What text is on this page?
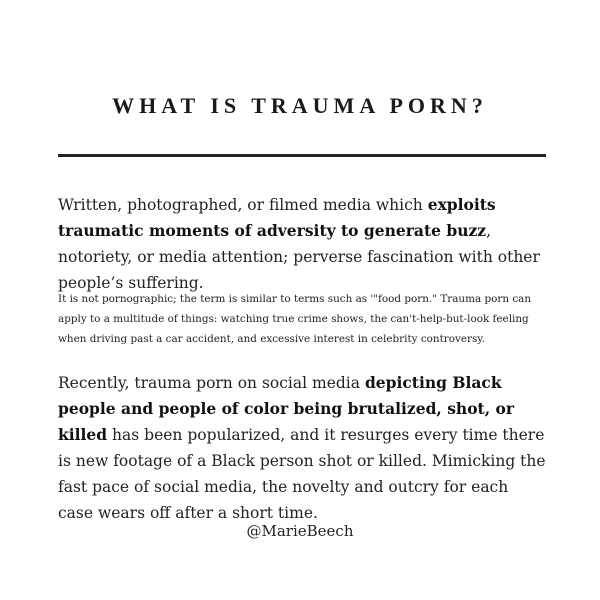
WHAT IS TRAUMA PORN?
Written, photographed, or filmed media which exploits traumatic moments of adversity to generate buzz, notoriety, or media attention; perverse fascination with other people’s suffering.
It is not pornographic; the term is similar to terms such as '"food porn." Trauma porn can apply to a multitude of things: watching true crime shows, the can't-help-but-look feeling when driving past a car accident, and excessive interest in celebrity controversy.
Recently, trauma porn on social media depicting Black people and people of color being brutalized, shot, or killed has been popularized, and it resurges every time there is new footage of a Black person shot or killed. Mimicking the fast pace of social media, the novelty and outcry for each case wears off after a short time.
@MarieBeech
